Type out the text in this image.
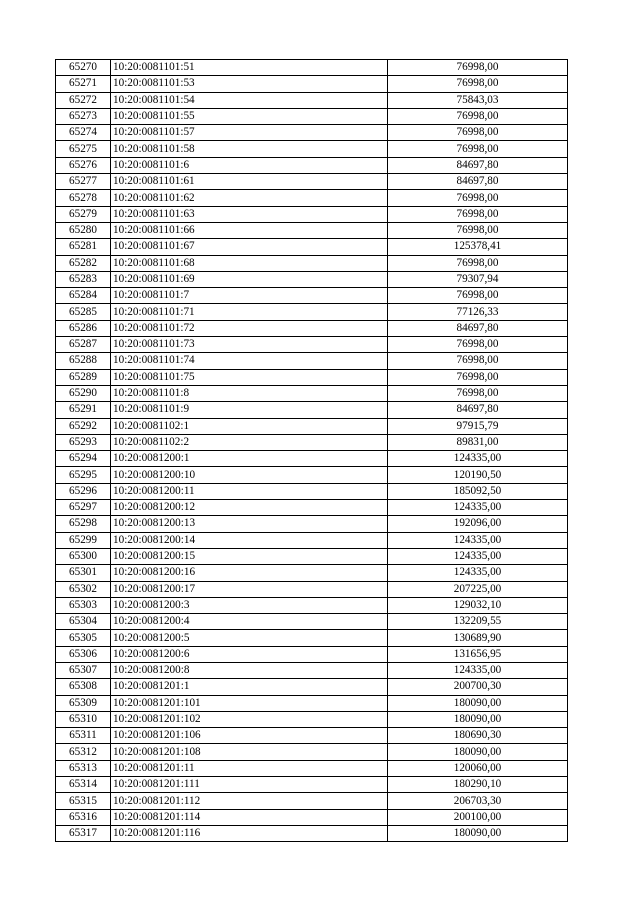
65270	10:20:0081101:51	76998,00
65271	10:20:0081101:53	76998,00
65272	10:20:0081101:54	75843,03
65273	10:20:0081101:55	76998,00
65274	10:20:0081101:57	76998,00
65275	10:20:0081101:58	76998,00
65276	10:20:0081101:6	84697,80
65277	10:20:0081101:61	84697,80
65278	10:20:0081101:62	76998,00
65279	10:20:0081101:63	76998,00
65280	10:20:0081101:66	76998,00
65281	10:20:0081101:67	125378,41
65282	10:20:0081101:68	76998,00
65283	10:20:0081101:69	79307,94
65284	10:20:0081101:7	76998,00
65285	10:20:0081101:71	77126,33
65286	10:20:0081101:72	84697,80
65287	10:20:0081101:73	76998,00
65288	10:20:0081101:74	76998,00
65289	10:20:0081101:75	76998,00
65290	10:20:0081101:8	76998,00
65291	10:20:0081101:9	84697,80
65292	10:20:0081102:1	97915,79
65293	10:20:0081102:2	89831,00
65294	10:20:0081200:1	124335,00
65295	10:20:0081200:10	120190,50
65296	10:20:0081200:11	185092,50
65297	10:20:0081200:12	124335,00
65298	10:20:0081200:13	192096,00
65299	10:20:0081200:14	124335,00
65300	10:20:0081200:15	124335,00
65301	10:20:0081200:16	124335,00
65302	10:20:0081200:17	207225,00
65303	10:20:0081200:3	129032,10
65304	10:20:0081200:4	132209,55
65305	10:20:0081200:5	130689,90
65306	10:20:0081200:6	131656,95
65307	10:20:0081200:8	124335,00
65308	10:20:0081201:1	200700,30
65309	10:20:0081201:101	180090,00
65310	10:20:0081201:102	180090,00
65311	10:20:0081201:106	180690,30
65312	10:20:0081201:108	180090,00
65313	10:20:0081201:11	120060,00
65314	10:20:0081201:111	180290,10
65315	10:20:0081201:112	206703,30
65316	10:20:0081201:114	200100,00
65317	10:20:0081201:116	180090,00
